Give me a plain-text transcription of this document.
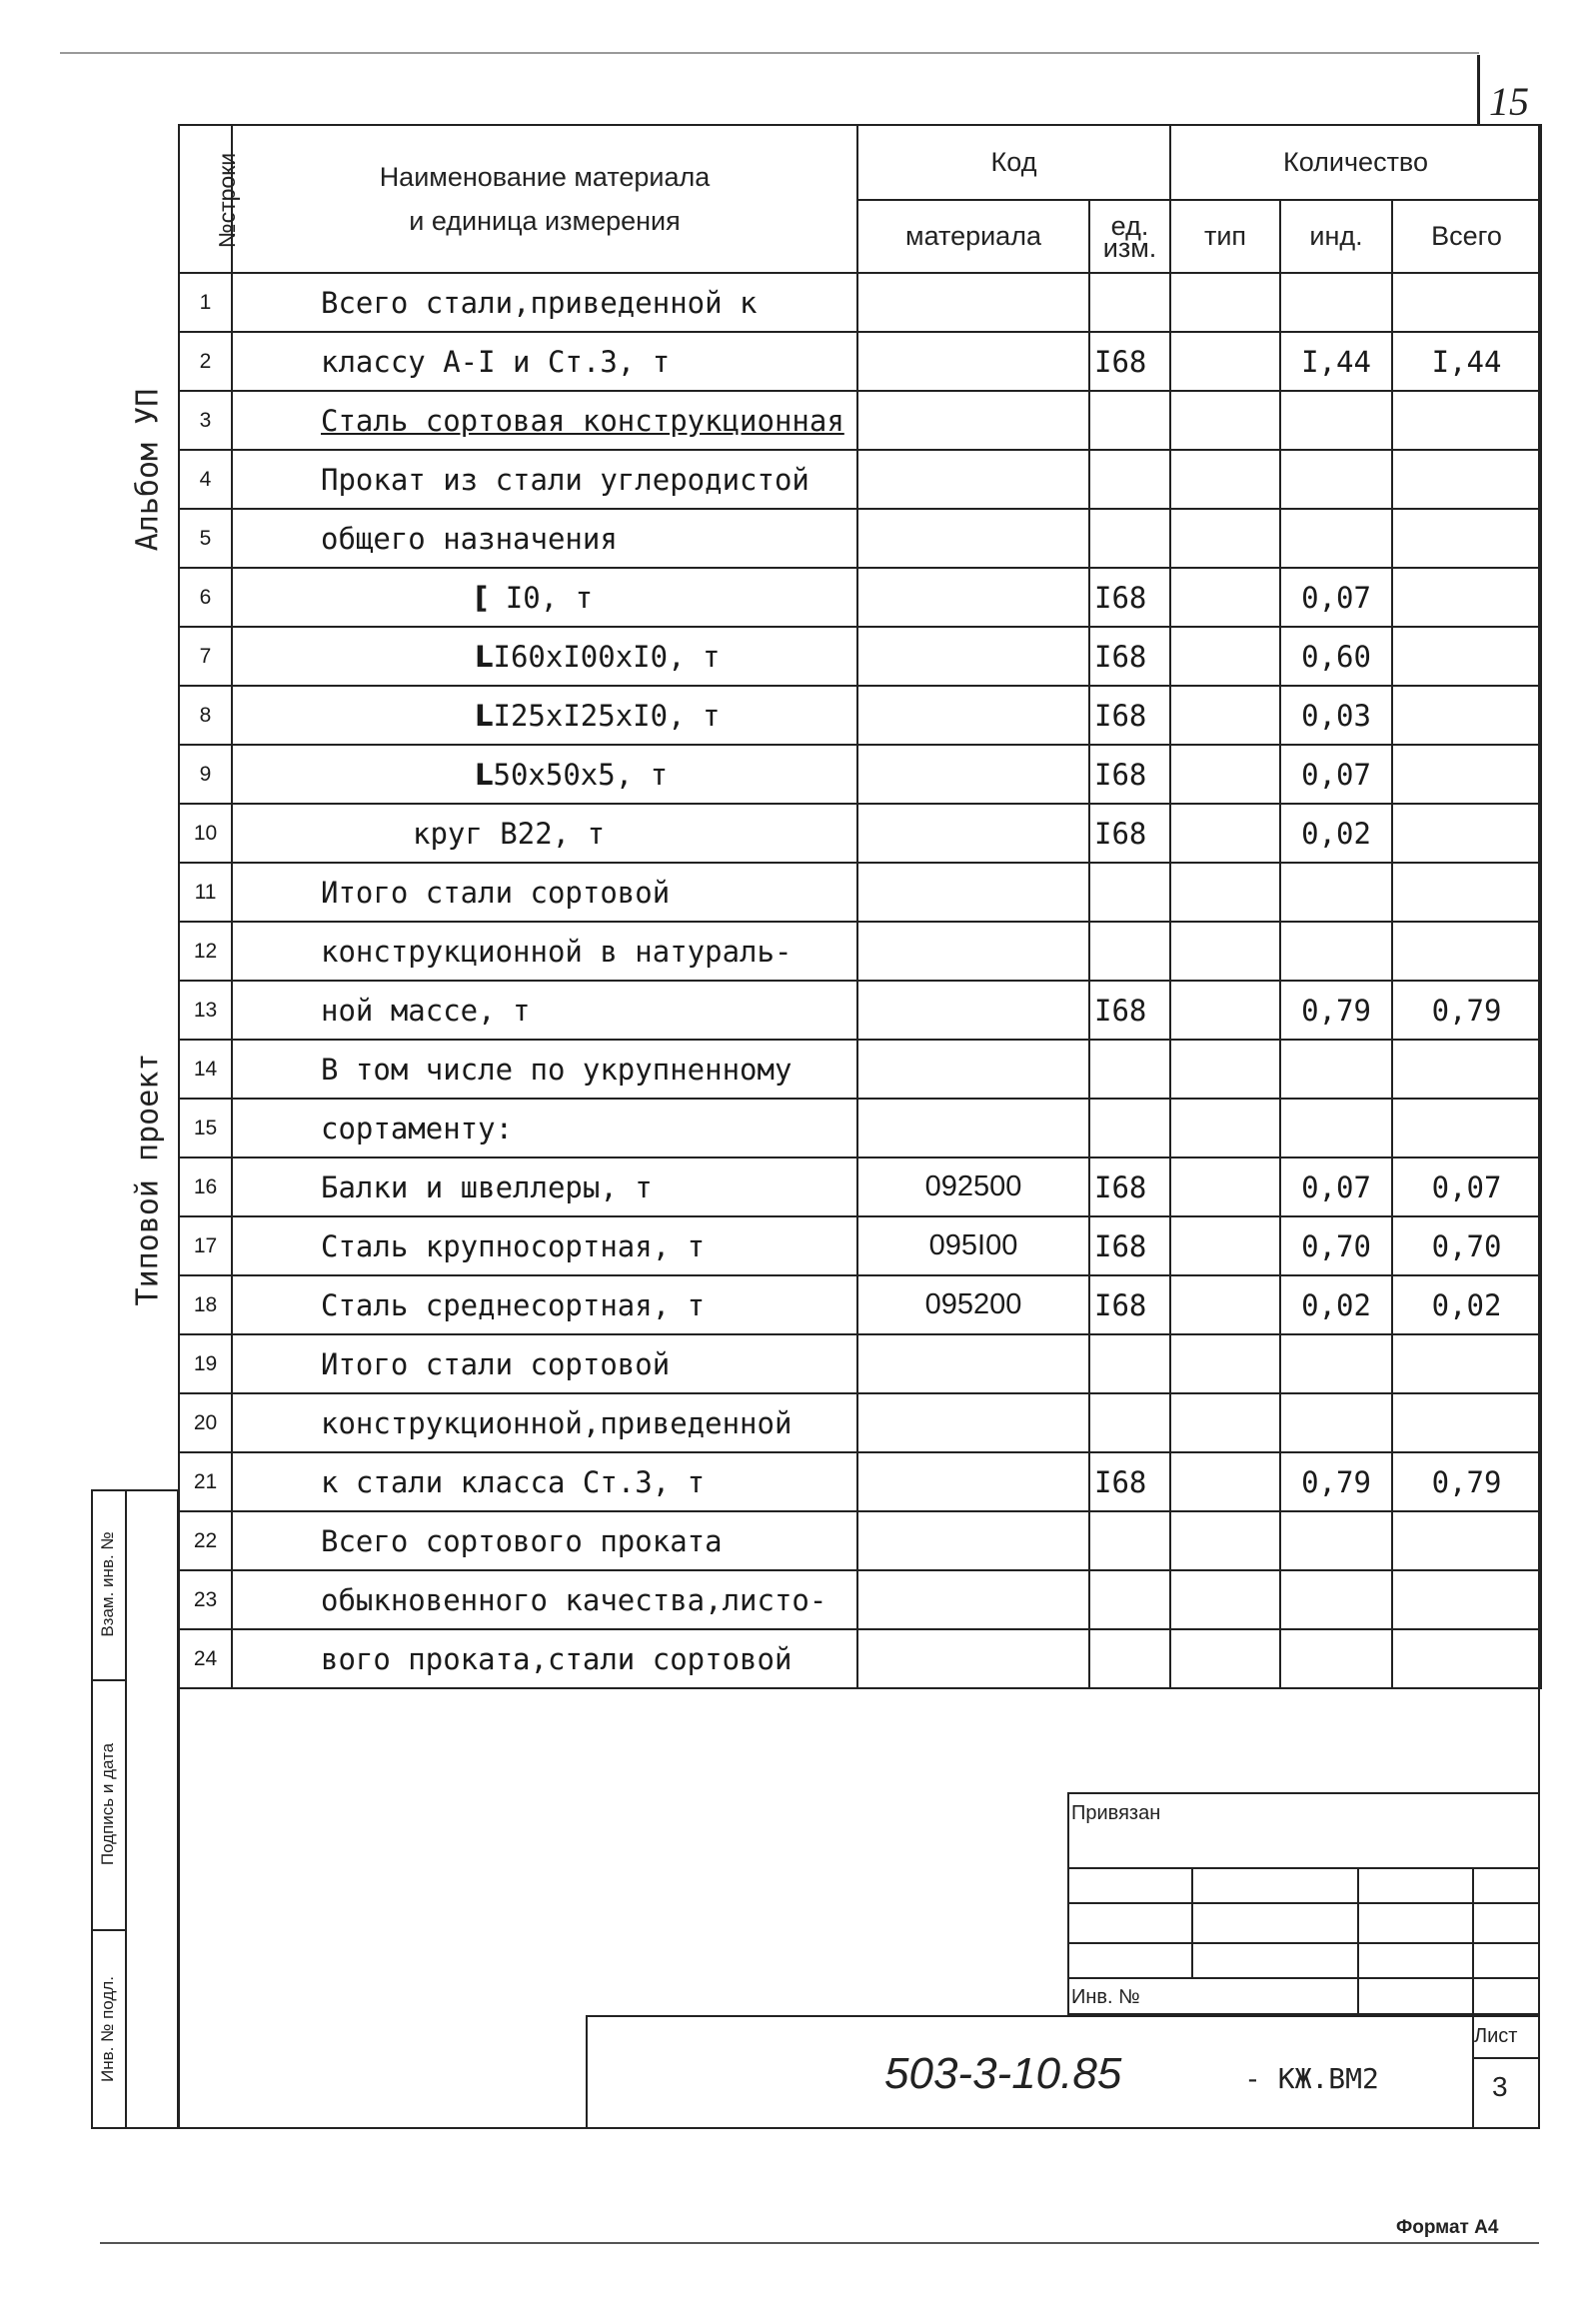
15
Альбом УП
Типовой проект
Взам. инв. №
Подпись и дата
Инв. № подл.
№строки	Наименование материала
и единица измерения	Код		Количество		
		материала	ед. изм.	тип	инд.	Всего
1	Всего стали,приведенной к					
2	классу А-I и Ст.3, т		I68		I,44	I,44
3	Сталь сортовая конструкционная					
4	Прокат из стали углеродистой					
5	общего назначения					
6	[ I0, т		I68		0,07	
7	LI60xI00xI0, т		I68		0,60	
8	LI25xI25xI0, т		I68		0,03	
9	L50x50x5, т		I68		0,07	
10	круг В22, т		I68		0,02	
11	Итого стали сортовой					
12	конструкционной в натураль-					
13	ной массе, т		I68		0,79	0,79
14	В том числе по укрупненному					
15	сортаменту:					
16	Балки и швеллеры, т	092500	I68		0,07	0,07
17	Сталь крупносортная, т	095I00	I68		0,70	0,70
18	Сталь среднесортная, т	095200	I68		0,02	0,02
19	Итого стали сортовой					
20	конструкционной,приведенной					
21	к стали класса Ст.3, т		I68		0,79	0,79
22	Всего сортового проката					
23	обыкновенного качества,листо-					
24	вого проката,стали сортовой					
Привязан
Инв. №
503-3-10.85	- КЖ.ВМ2
Лист
3
Формат А4
